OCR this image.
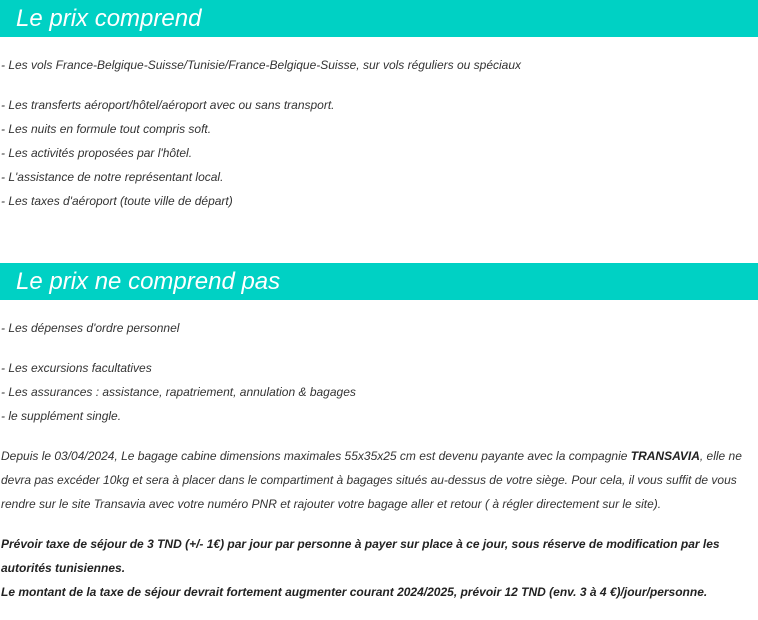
Le prix comprend
- Les vols France-Belgique-Suisse/Tunisie/France-Belgique-Suisse, sur vols réguliers ou spéciaux
- Les transferts aéroport/hôtel/aéroport avec ou sans transport.
- Les nuits en formule tout compris soft.
- Les activités proposées par l'hôtel.
- L'assistance de notre représentant local.
- Les taxes d'aéroport (toute ville de départ)
Le prix ne comprend pas
- Les dépenses d'ordre personnel
- Les excursions facultatives
- Les assurances : assistance, rapatriement, annulation & bagages
- le supplément single.

Depuis le 03/04/2024, Le bagage cabine dimensions maximales 55x35x25 cm est devenu payante avec la compagnie TRANSAVIA, elle ne devra pas excéder 10kg et sera à placer dans le compartiment à bagages situés au-dessus de votre siège. Pour cela, il vous suffit de vous rendre sur le site Transavia avec votre numéro PNR et rajouter votre bagage aller et retour ( à régler directement sur le site).

Prévoir taxe de séjour de 3 TND (+/- 1€) par jour par personne à payer sur place à ce jour, sous réserve de modification par les autorités tunisiennes.
Le montant de la taxe de séjour devrait fortement augmenter courant 2024/2025, prévoir 12 TND (env. 3 à 4 €)/jour/personne.
